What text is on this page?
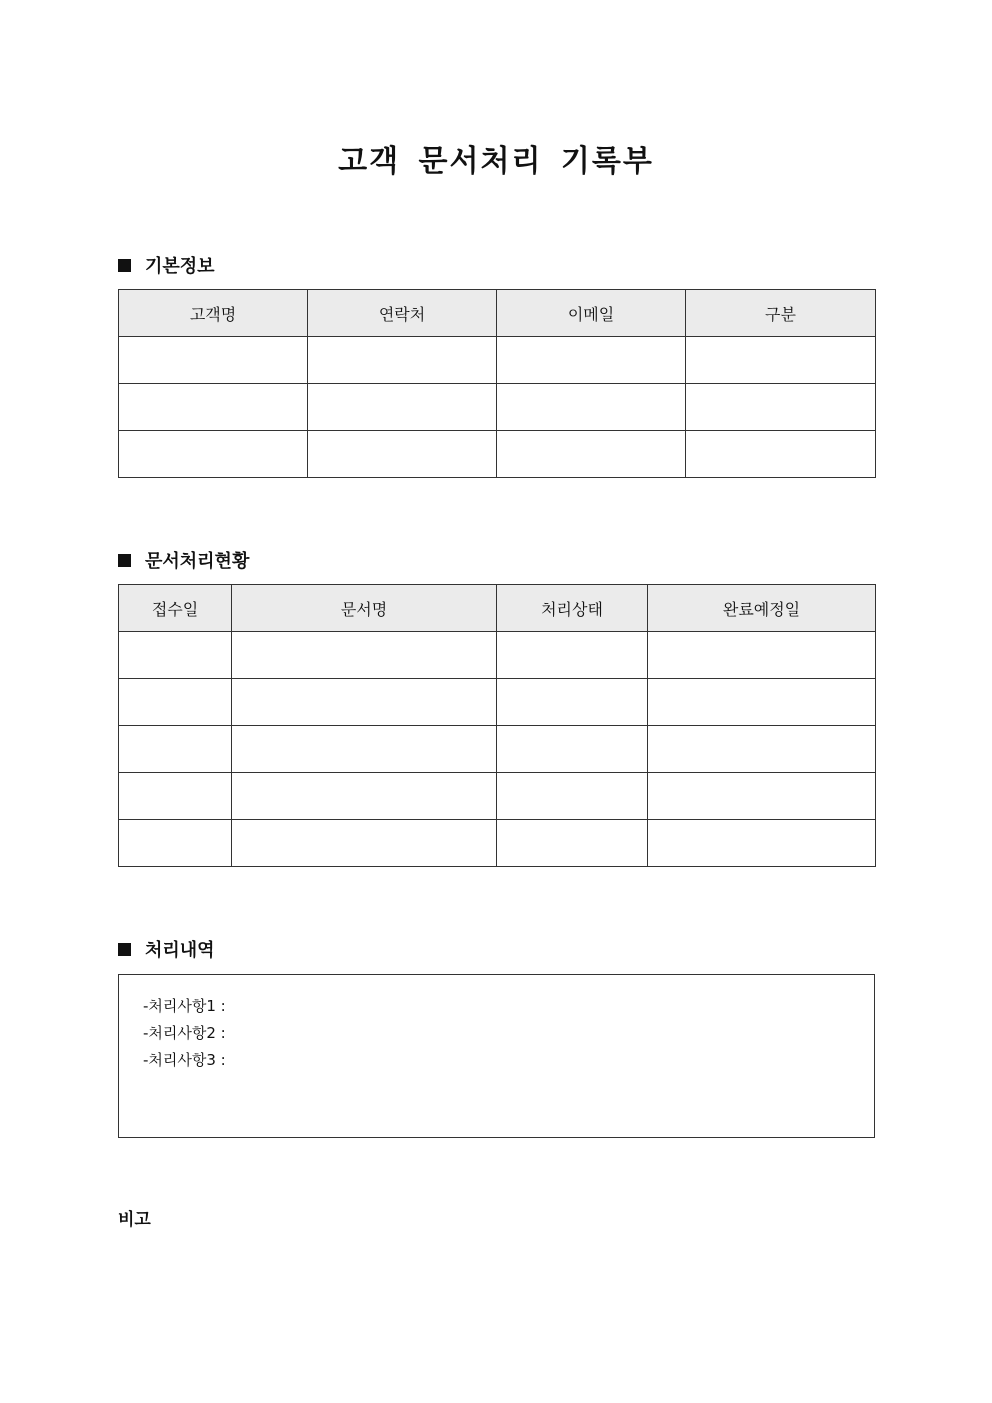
고객 문서처리 기록부
기본정보
고객명	연락처	이메일	구분

문서처리현황
접수일	문서명	처리상태	완료예정일

처리내역
-처리사항1 :
-처리사항2 :
-처리사항3 :
비고
